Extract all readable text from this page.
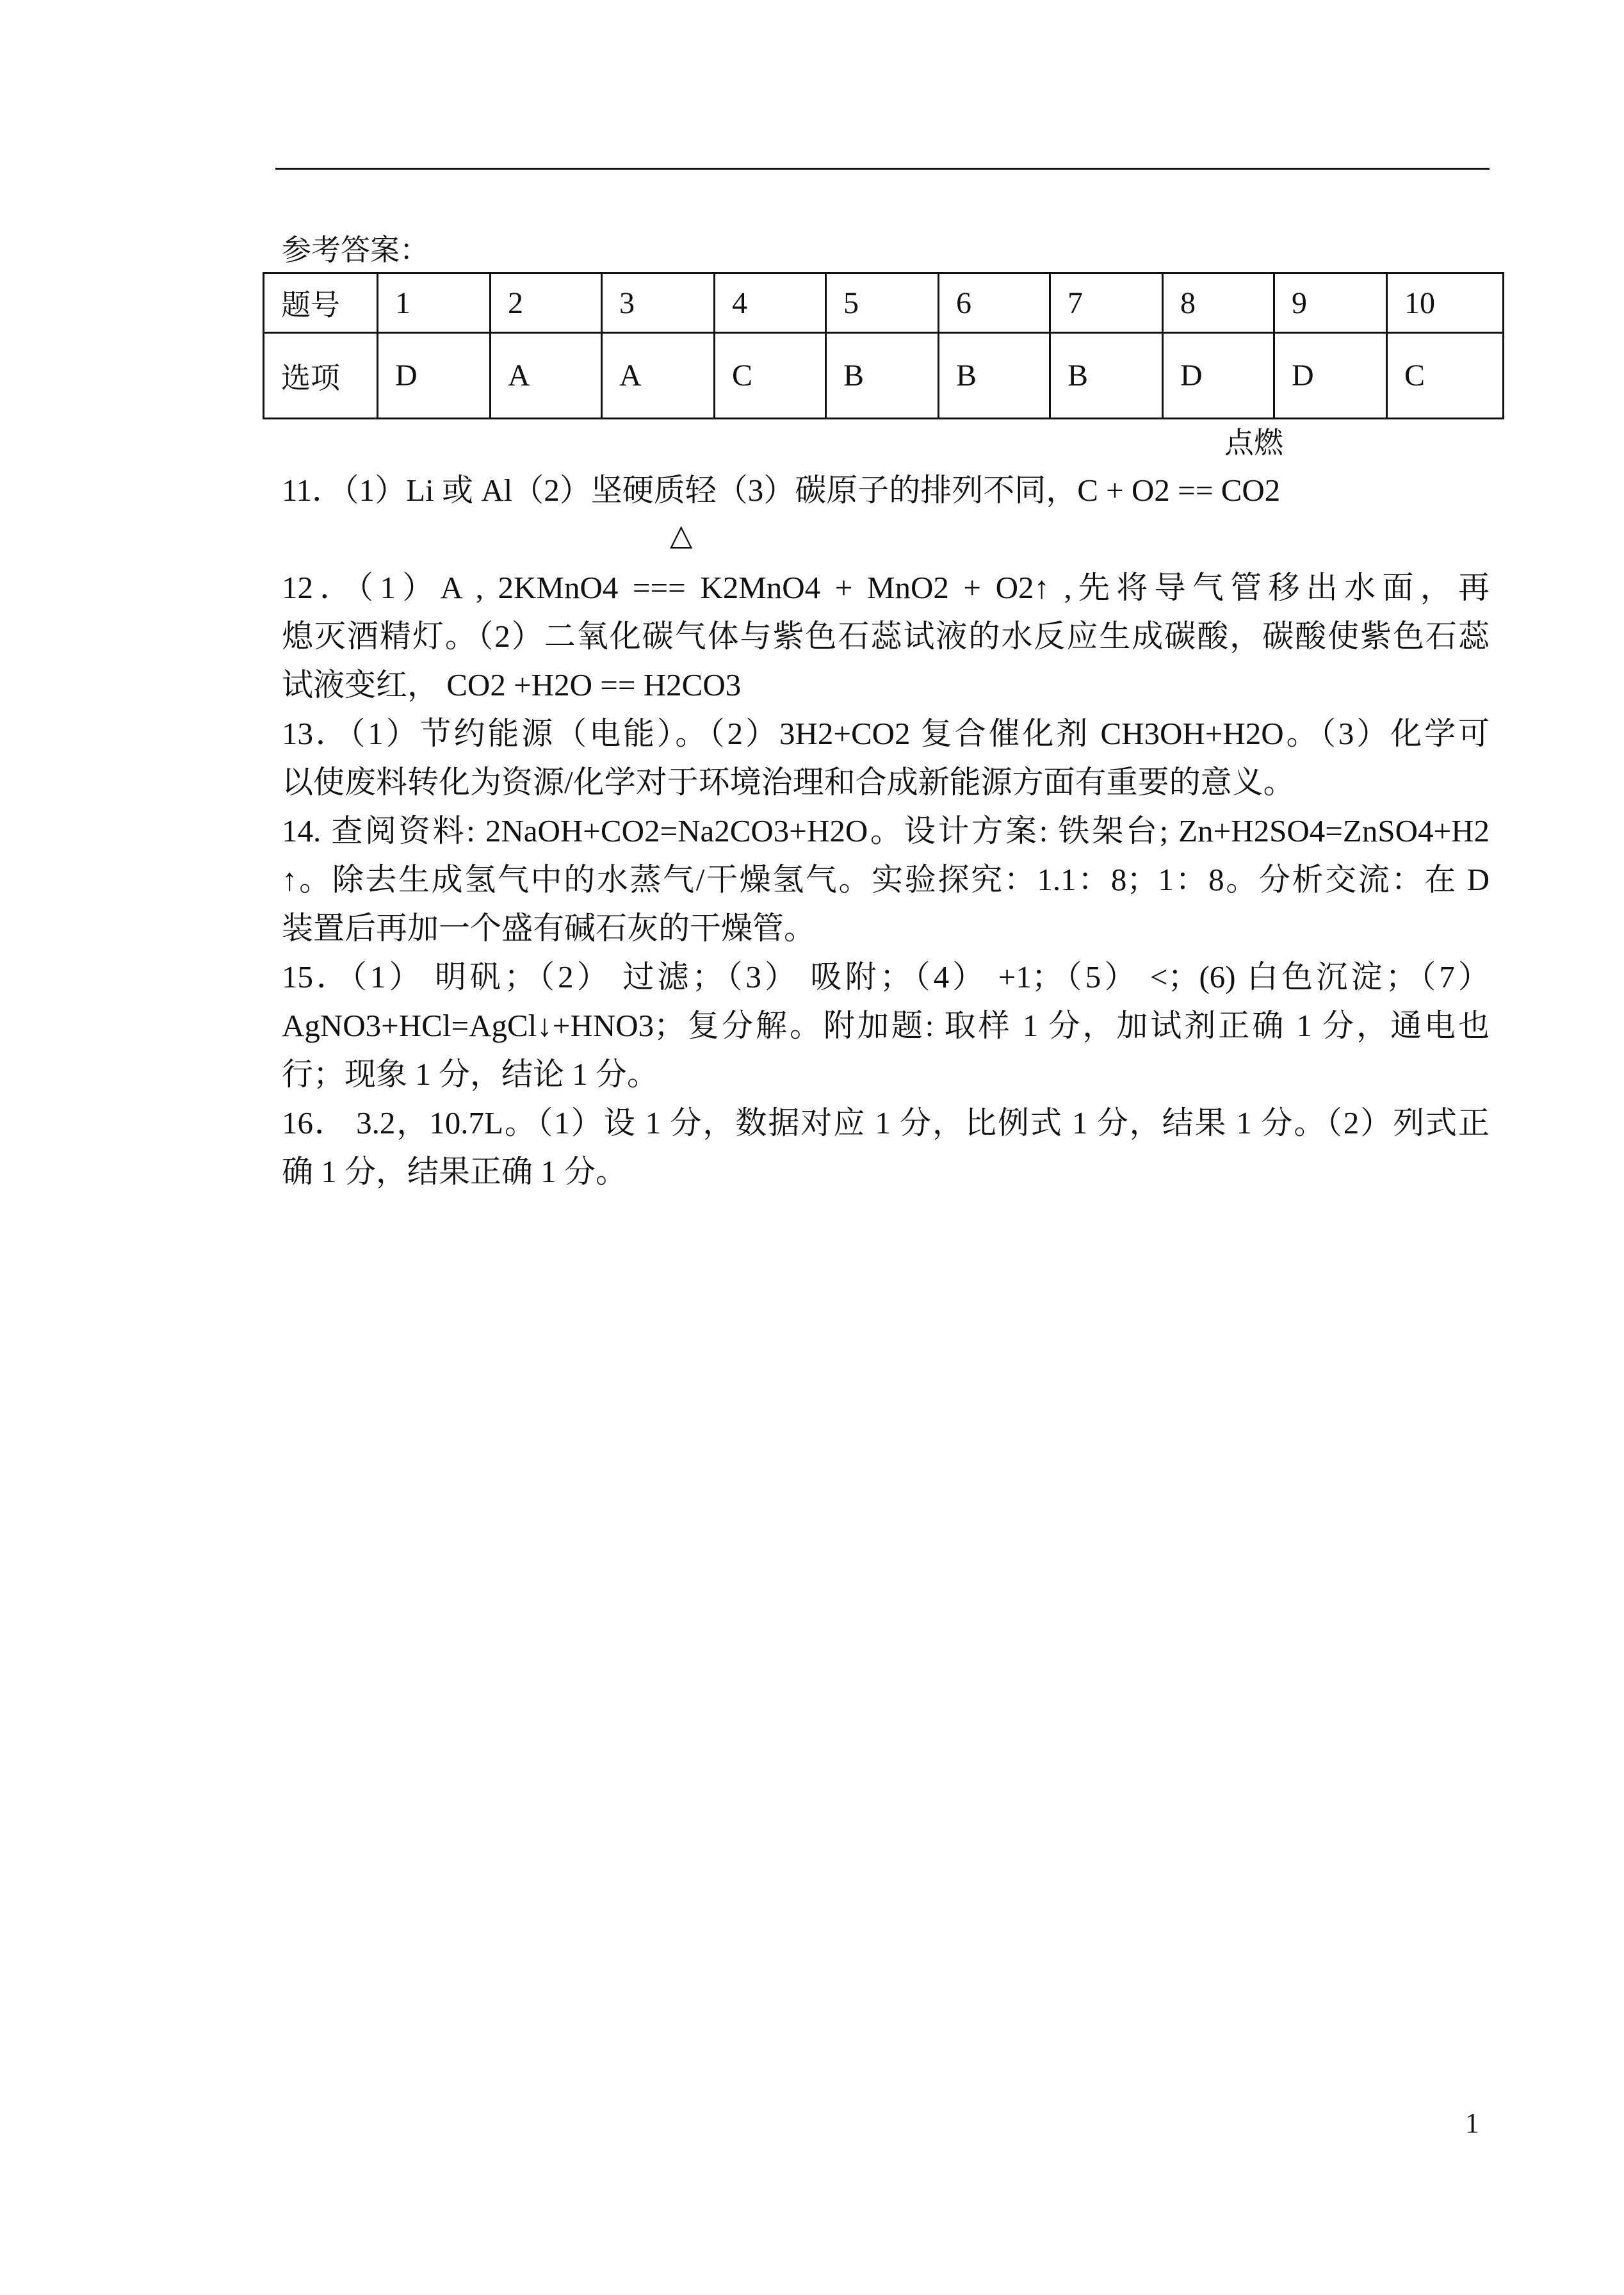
参考答案：
题号	1	2	3	4	5	6	7	8	9	10
选项	D	A	A	C	B	B	B	D	D	C
点燃
11．（1）Li 或 Al（2）坚硬质轻（3）碳原子的排列不同，C + O2 == CO2
△
12．（1）A , 2KMnO4 === K2MnO4 + MnO2 + O2↑ ,先将导气管移出水面，再
熄灭酒精灯。（2）二氧化碳气体与紫色石蕊试液的水反应生成碳酸，碳酸使紫色石蕊
试液变红， CO2 +H2O == H2CO3
13．（1）节约能源（电能）。（2）3H2+CO2 复合催化剂 CH3OH+H2O。（3）化学可
以使废料转化为资源/化学对于环境治理和合成新能源方面有重要的意义。
14. 查阅资料: 2NaOH+CO2=Na2CO3+H2O。设计方案: 铁架台; Zn+H2SO4=ZnSO4+H2
↑。除去生成氢气中的水蒸气/干燥氢气。实验探究：1.1：8；1：8。分析交流：在 D
装置后再加一个盛有碱石灰的干燥管。
15．（1） 明矾；（2） 过滤；（3） 吸附；（4） +1；（5） <；(6) 白色沉淀；（7）
AgNO3+HCl=AgCl↓+HNO3；复分解。附加题: 取样 1 分，加试剂正确 1 分，通电也
行；现象 1 分，结论 1 分。
16． 3.2，10.7L。（1）设 1 分，数据对应 1 分，比例式 1 分，结果 1 分。（2）列式正
确 1 分，结果正确 1 分。
1
